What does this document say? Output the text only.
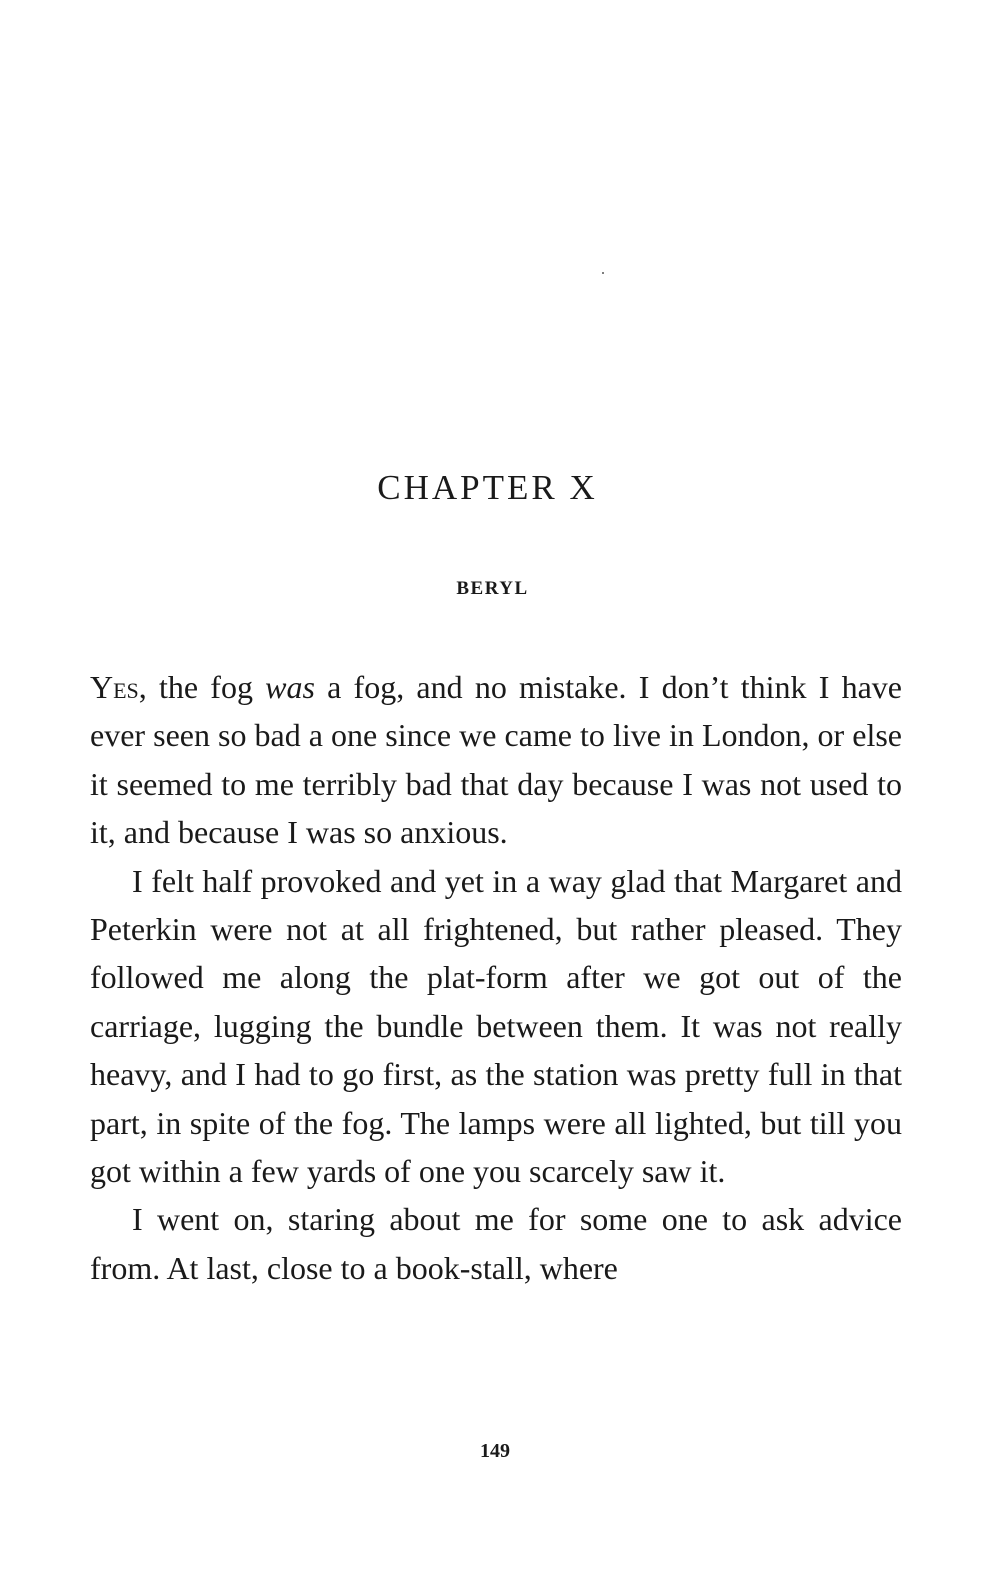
CHAPTER X
BERYL

Yes, the fog was a fog, and no mistake. I don’t think I have ever seen so bad a one since we came to live in London, or else it seemed to me terribly bad that day because I was not used to it, and because I was so anxious.

I felt half provoked and yet in a way glad that Margaret and Peterkin were not at all frightened, but rather pleased. They followed me along the plat-form after we got out of the carriage, lugging the bundle between them. It was not really heavy, and I had to go first, as the station was pretty full in that part, in spite of the fog. The lamps were all lighted, but till you got within a few yards of one you scarcely saw it.

I went on, staring about me for some one to ask advice from. At last, close to a book-stall, where

149
